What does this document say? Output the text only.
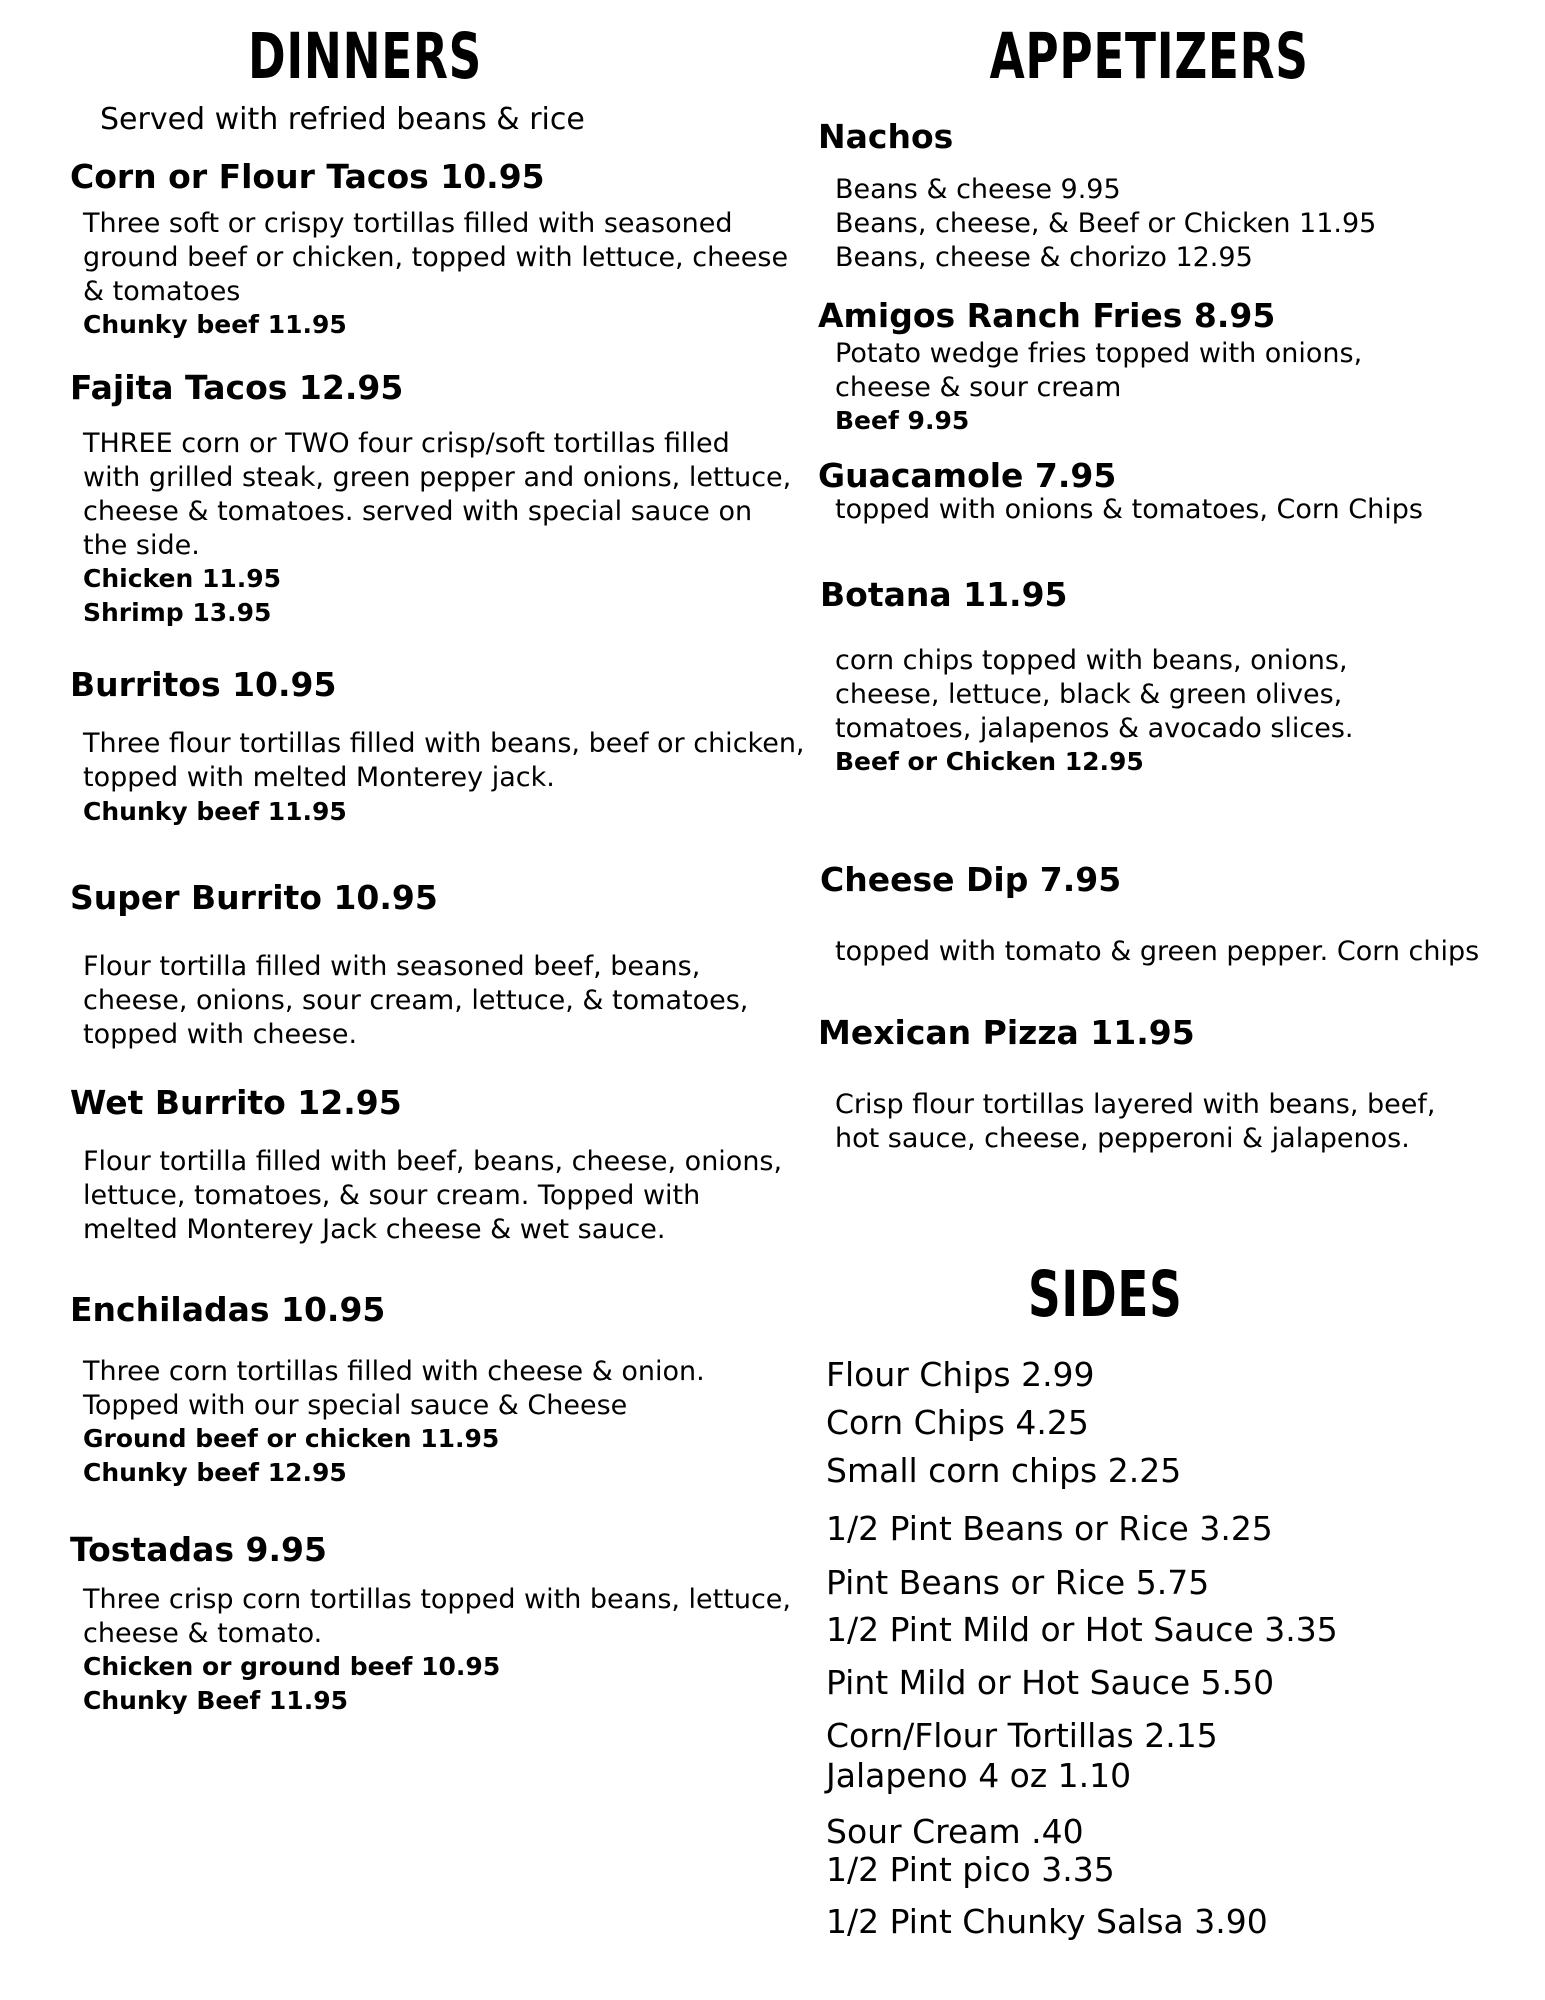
DINNERS
Served with refried beans & rice
Corn or Flour Tacos 10.95
Three soft or crispy tortillas filled with seasoned
ground beef or chicken, topped with lettuce, cheese
& tomatoes
Chunky beef 11.95
Fajita Tacos 12.95
THREE corn or TWO four crisp/soft tortillas filled
with grilled steak, green pepper and onions, lettuce,
cheese & tomatoes. served with special sauce on
the side.
Chicken 11.95
Shrimp 13.95
Burritos 10.95
Three flour tortillas filled with beans, beef or chicken,
topped with melted Monterey jack.
Chunky beef 11.95
Super Burrito 10.95
Flour tortilla filled with seasoned beef, beans,
cheese, onions, sour cream, lettuce, & tomatoes,
topped with cheese.
Wet Burrito 12.95
Flour tortilla filled with beef, beans, cheese, onions,
lettuce, tomatoes, & sour cream. Topped with
melted Monterey Jack cheese & wet sauce.
Enchiladas 10.95
Three corn tortillas filled with cheese & onion.
Topped with our special sauce & Cheese
Ground beef or chicken 11.95
Chunky beef 12.95
Tostadas 9.95
Three crisp corn tortillas topped with beans, lettuce,
cheese & tomato.
Chicken or ground beef 10.95
Chunky Beef 11.95
APPETIZERS
Nachos
Beans & cheese 9.95
Beans, cheese, & Beef or Chicken 11.95
Beans, cheese & chorizo 12.95
Amigos Ranch Fries 8.95
Potato wedge fries topped with onions,
cheese & sour cream
Beef 9.95
Guacamole 7.95
topped with onions & tomatoes, Corn Chips
Botana 11.95
corn chips topped with beans, onions,
cheese, lettuce, black & green olives,
tomatoes, jalapenos & avocado slices.
Beef or Chicken 12.95
Cheese Dip 7.95
topped with tomato & green pepper. Corn chips
Mexican Pizza 11.95
Crisp flour tortillas layered with beans, beef,
hot sauce, cheese, pepperoni & jalapenos.
SIDES
Flour Chips 2.99
Corn Chips 4.25
Small corn chips 2.25
1/2 Pint Beans or Rice 3.25
Pint Beans or Rice 5.75
1/2 Pint Mild or Hot Sauce 3.35
Pint Mild or Hot Sauce 5.50
Corn/Flour Tortillas 2.15
Jalapeno 4 oz 1.10
Sour Cream .40
1/2 Pint pico 3.35
1/2 Pint Chunky Salsa 3.90
